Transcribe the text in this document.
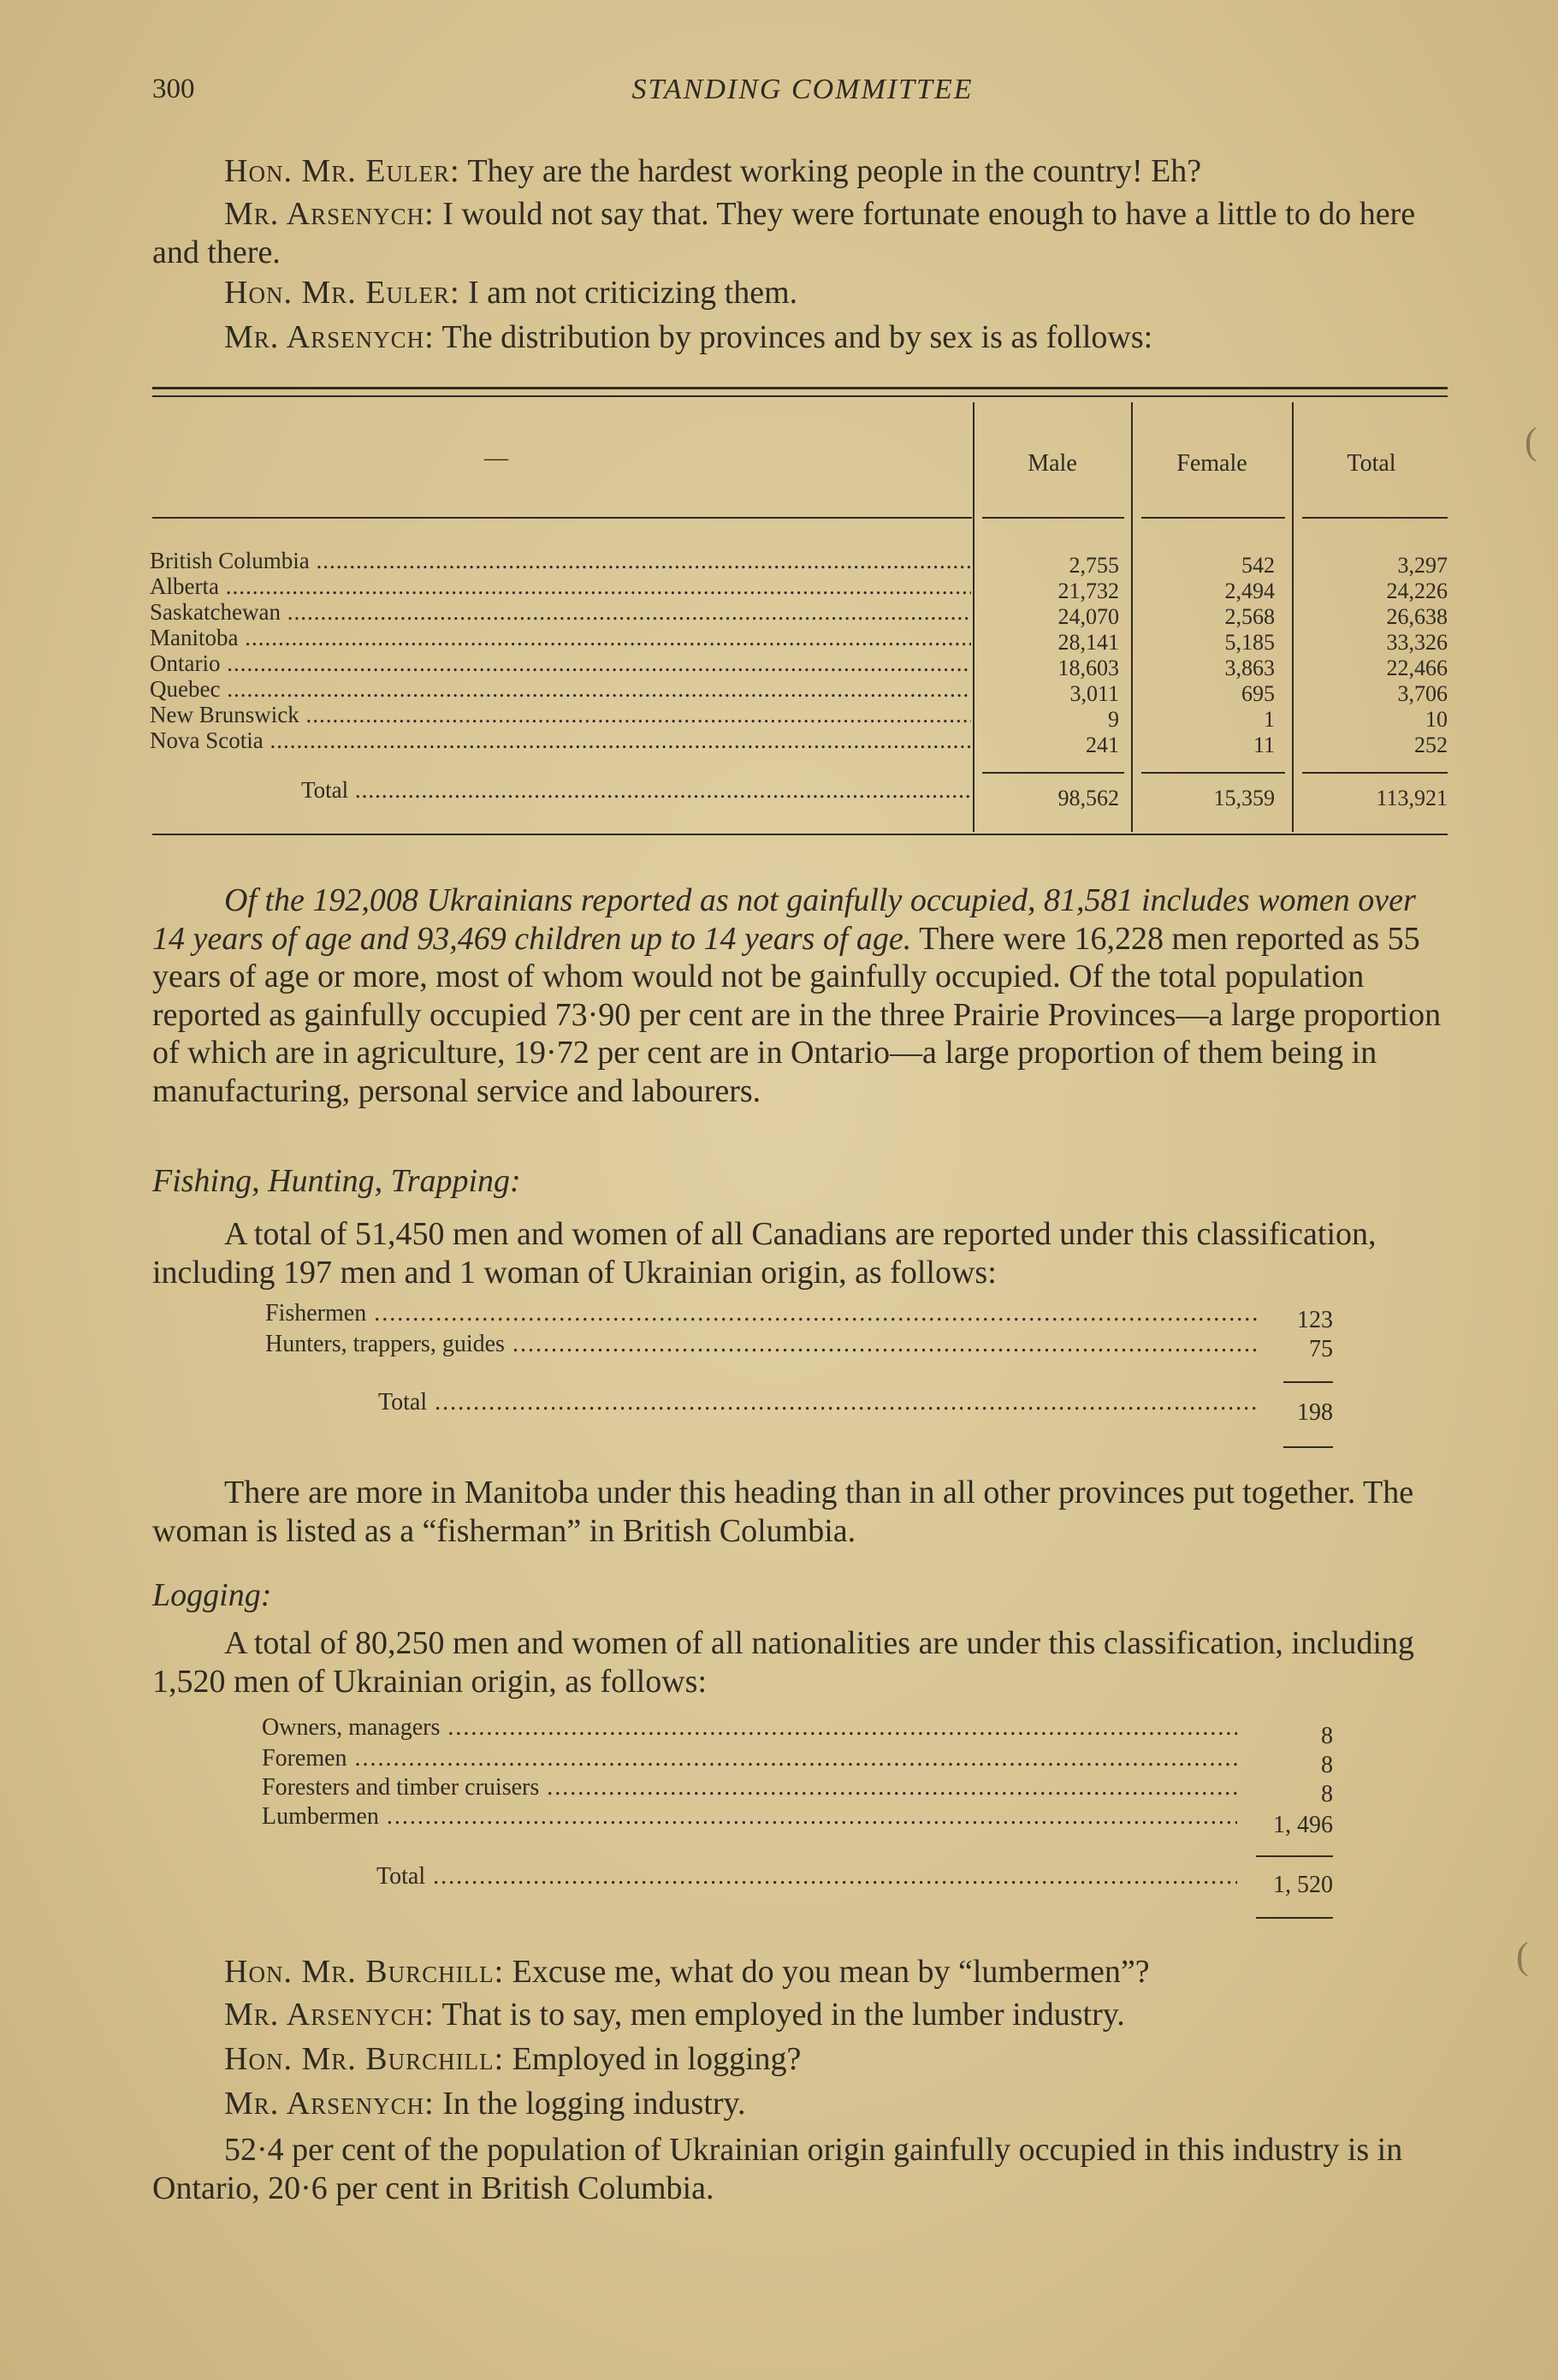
300	STANDING COMMITTEE
Hon. Mr. Euler: They are the hardest working people in the country! Eh?
Mr. Arsenych: I would not say that. They were fortunate enough to have a little to do here and there.
Hon. Mr. Euler: I am not criticizing them.
Mr. Arsenych: The distribution by provinces and by sex is as follows:
—	Male	Female	Total
British Columbia .....	2,755	542	3,297
Alberta .....	21,732	2,494	24,226
Saskatchewan .....	24,070	2,568	26,638
Manitoba .....	28,141	5,185	33,326
Ontario .....	18,603	3,863	22,466
Quebec .....	3,011	695	3,706
New Brunswick .....	9	1	10
Nova Scotia .....	241	11	252
Total .....	98,562	15,359	113,921
Of the 192,008 Ukrainians reported as not gainfully occupied, 81,581 includes women over 14 years of age and 93,469 children up to 14 years of age. There were 16,228 men reported as 55 years of age or more, most of whom would not be gainfully occupied. Of the total population reported as gainfully occupied 73·90 per cent are in the three Prairie Provinces—a large proportion of which are in agriculture, 19·72 per cent are in Ontario—a large proportion of them being in manufacturing, personal service and labourers.
Fishing, Hunting, Trapping:
A total of 51,450 men and women of all Canadians are reported under this classification, including 197 men and 1 woman of Ukrainian origin, as follows:
Fishermen .....	123
Hunters, trappers, guides .....	75
Total .....	198
There are more in Manitoba under this heading than in all other provinces put together. The woman is listed as a “fisherman” in British Columbia.
Logging:
A total of 80,250 men and women of all nationalities are under this classification, including 1,520 men of Ukrainian origin, as follows:
Owners, managers .....	8
Foremen .....	8
Foresters and timber cruisers .....	8
Lumbermen .....	1, 496
Total .....	1, 520
Hon. Mr. Burchill: Excuse me, what do you mean by “lumbermen”?
Mr. Arsenych: That is to say, men employed in the lumber industry.
Hon. Mr. Burchill: Employed in logging?
Mr. Arsenych: In the logging industry.
52·4 per cent of the population of Ukrainian origin gainfully occupied in this industry is in Ontario, 20·6 per cent in British Columbia.
(
(
